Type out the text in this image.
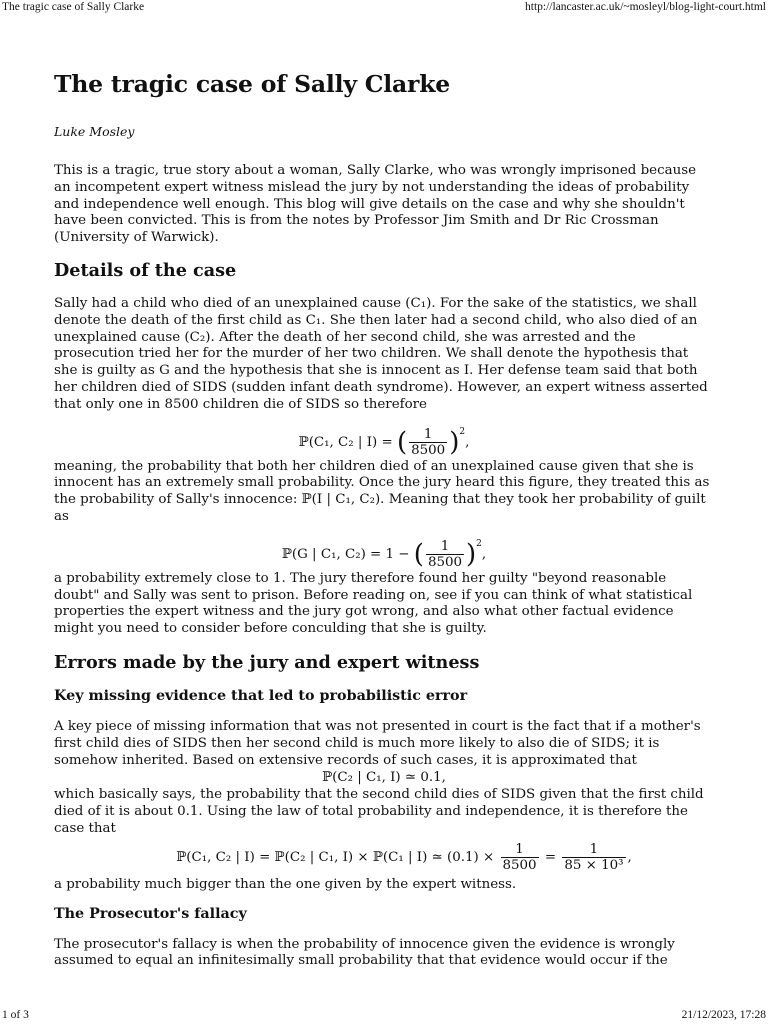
The tragic case of Sally Clarke	http://lancaster.ac.uk/~mosleyl/blog-light-court.html
The tragic case of Sally Clarke
Luke Mosley

This is a tragic, true story about a woman, Sally Clarke, who was wrongly imprisoned because an incompetent expert witness mislead the jury by not understanding the ideas of probability and independence well enough. This blog will give details on the case and why she shouldn't have been convicted. This is from the notes by Professor Jim Smith and Dr Ric Crossman (University of Warwick).

Details of the case

Sally had a child who died of an unexplained cause (C₁). For the sake of the statistics, we shall denote the death of the first child as C₁. She then later had a second child, who also died of an unexplained cause (C₂). After the death of her second child, she was arrested and the prosecution tried her for the murder of her two children. We shall denote the hypothesis that she is guilty as G and the hypothesis that she is innocent as I. Her defense team said that both her children died of SIDS (sudden infant death syndrome). However, an expert witness asserted that only one in 8500 children die of SIDS so therefore

ℙ(C₁, C₂ | I) = ( $\frac{1}{8500} )^2$,

meaning, the probability that both her children died of an unexplained cause given that she is innocent has an extremely small probability. Once the jury heard this figure, they treated this as the probability of Sally's innocence: ℙ(I | C₁, C₂). Meaning that they took her probability of guilt as

ℙ(G | C₁, C₂) = 1 − ( $\frac{1}{8500} )^2$,

a probability extremely close to 1. The jury therefore found her guilty "beyond reasonable doubt" and Sally was sent to prison. Before reading on, see if you can think of what statistical properties the expert witness and the jury got wrong, and also what other factual evidence might you need to consider before conculding that she is guilty.

Errors made by the jury and expert witness
Key missing evidence that led to probabilistic error

A key piece of missing information that was not presented in court is the fact that if a mother's first child dies of SIDS then her second child is much more likely to also die of SIDS; it is somehow inherited. Based on extensive records of such cases, it is approximated that

ℙ(C₂ | C₁, I) ≃ 0.1,

which basically says, the probability that the second child dies of SIDS given that the first child died of it is about 0.1. Using the law of total probability and independence, it is therefore the case that

ℙ(C₁, C₂ | I) = ℙ(C₂ | C₁, I) × ℙ(C₁ | I) ≃ $(0.1) \times \frac{1}{8500} = \frac{1}{\text{85 × 10³}}$ ,

a probability much bigger than the one given by the expert witness.

The Prosecutor's fallacy

The prosecutor's fallacy is when the probability of innocence given the evidence is wrongly assumed to equal an infinitesimally small probability that that evidence would occur if the

1 of 3	21/12/2023, 17:28
